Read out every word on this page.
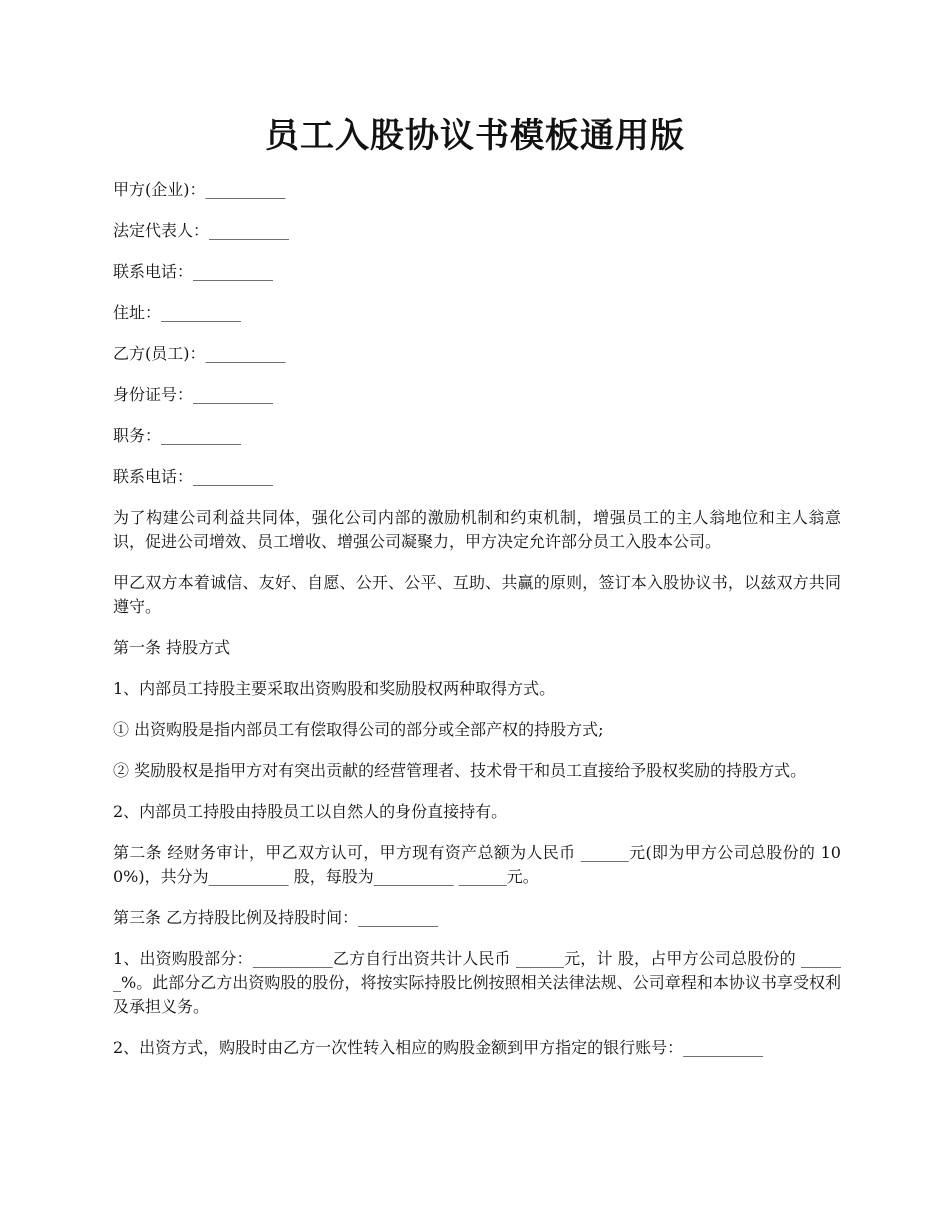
员工入股协议书模板通用版

甲方(企业)：__________

法定代表人：__________

联系电话：__________

住址：__________

乙方(员工)：__________

身份证号：__________

职务：__________

联系电话：__________

为了构建公司利益共同体，强化公司内部的激励机制和约束机制，增强员工的主人翁地位和主人翁意识，促进公司增效、员工增收、增强公司凝聚力，甲方决定允许部分员工入股本公司。

甲乙双方本着诚信、友好、自愿、公开、公平、互助、共赢的原则，签订本入股协议书，以兹双方共同遵守。

第一条 持股方式

1、内部员工持股主要采取出资购股和奖励股权两种取得方式。

① 出资购股是指内部员工有偿取得公司的部分或全部产权的持股方式;

② 奖励股权是指甲方对有突出贡献的经营管理者、技术骨干和员工直接给予股权奖励的持股方式。

2、内部员工持股由持股员工以自然人的身份直接持有。

第二条 经财务审计，甲乙双方认可，甲方现有资产总额为人民币 ______元(即为甲方公司总股份的 100%)，共分为__________ 股，每股为__________ ______元。

第三条 乙方持股比例及持股时间：__________

1、出资购股部分：__________乙方自行出资共计人民币 ______元，计 股，占甲方公司总股份的 ______%。此部分乙方出资购股的股份，将按实际持股比例按照相关法律法规、公司章程和本协议书享受权利及承担义务。

2、出资方式，购股时由乙方一次性转入相应的购股金额到甲方指定的银行账号：__________
